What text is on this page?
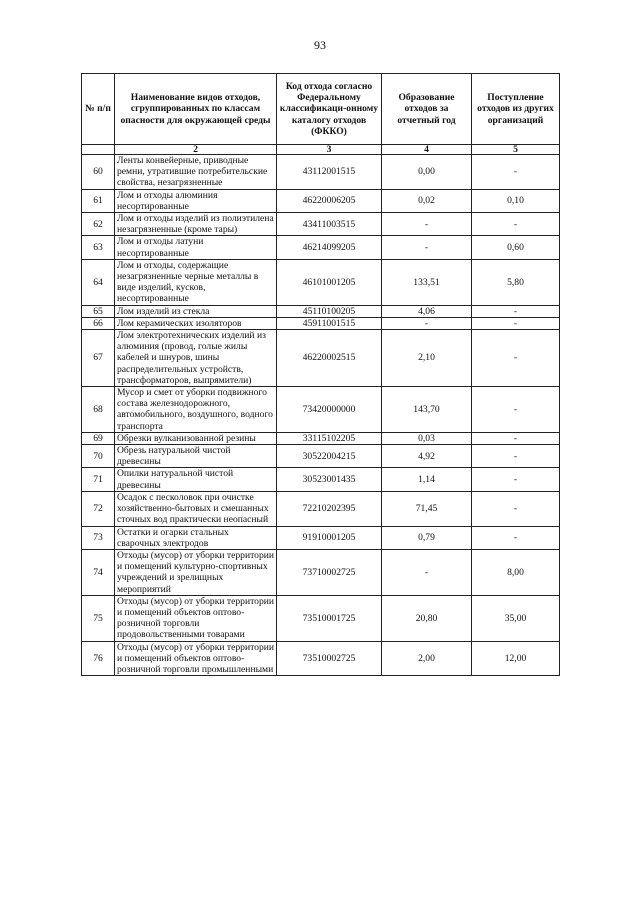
93
№ п/п	Наименование видов отходов, сгруппированных по классам опасности для окружающей среды	Код отхода согласно Федеральному классификаци-онному каталогу отходов (ФККО)	Образование отходов за отчетный год	Поступление отходов из других организаций
	2	3	4	5
60	Ленты конвейерные, приводные ремни, утратившие потребительские свойства, незагрязненные	43112001515	0,00	-
61	Лом и отходы алюминия несортированные	46220006205	0,02	0,10
62	Лом и отходы изделий из полиэтилена незагрязненные (кроме тары)	43411003515	-	-
63	Лом и отходы латуни несортированные	46214099205	-	0,60
64	Лом и отходы, содержащие незагрязненные черные металлы в виде изделий, кусков, несортированные	46101001205	133,51	5,80
65	Лом изделий из стекла	45110100205	4,06	-
66	Лом керамических изоляторов	45911001515	-	-
67	Лом электротехнических изделий из алюминия (провод, голые жилы кабелей и шнуров, шины распределительных устройств, трансформаторов, выпрямители)	46220002515	2,10	-
68	Мусор и смет от уборки подвижного состава железнодорожного, автомобильного, воздушного, водного транспорта	73420000000	143,70	-
69	Обрезки вулканизованной резины	33115102205	0,03	-
70	Обрезь натуральной чистой древесины	30522004215	4,92	-
71	Опилки натуральной чистой древесины	30523001435	1,14	-
72	Осадок с песколовок при очистке хозяйственно-бытовых и смешанных сточных вод практически неопасный	72210202395	71,45	-
73	Остатки и огарки стальных сварочных электродов	91910001205	0,79	-
74	Отходы (мусор) от уборки территории и помещений культурно-спортивных учреждений и зрелищных мероприятий	73710002725	-	8,00
75	Отходы (мусор) от уборки территории и помещений объектов оптово-розничной торговли продовольственными товарами	73510001725	20,80	35,00
76	Отходы (мусор) от уборки территории и помещений объектов оптово-розничной торговли промышленными	73510002725	2,00	12,00
